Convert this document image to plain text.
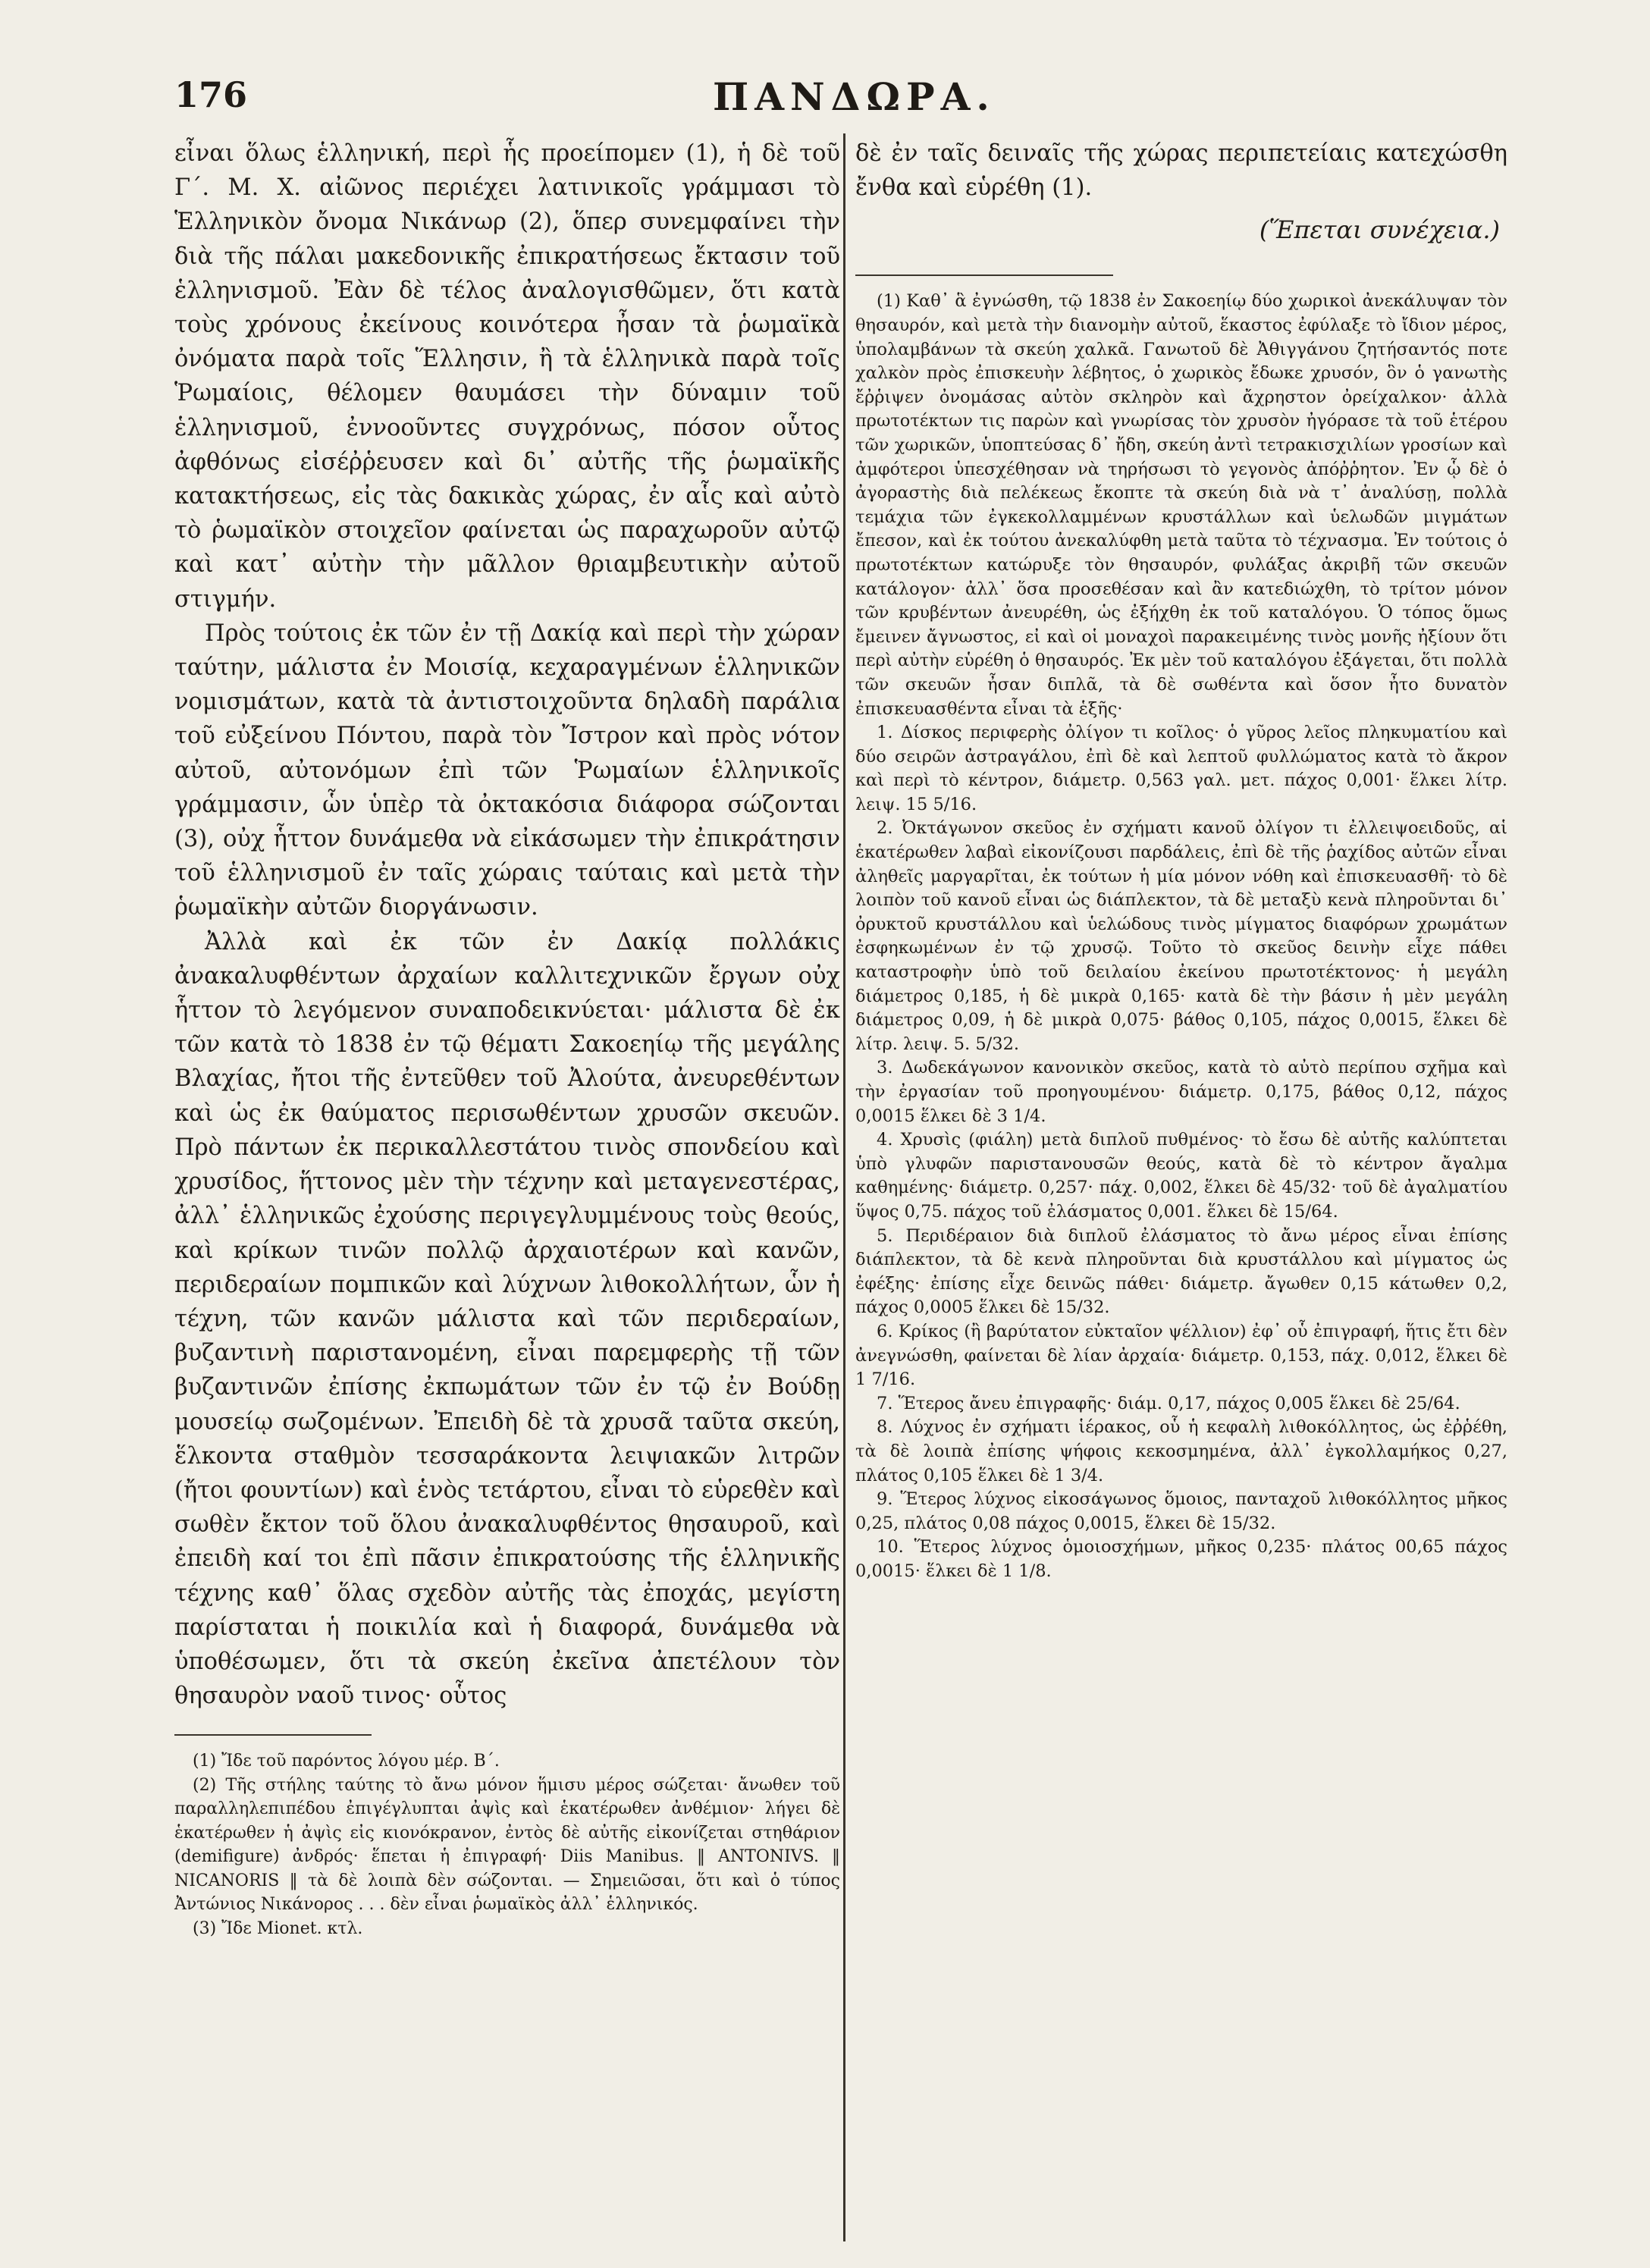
176	ΠΑΝΔΩΡΑ.

εἶναι ὅλως ἑλληνική, περὶ ἧς προείπομεν (1), ἡ δὲ τοῦ Γ΄. Μ. Χ. αἰῶνος περιέχει λατινικοῖς γράμμασι τὸ Ἑλληνικὸν ὄνομα Νικάνωρ (2), ὅπερ συνεμφαίνει τὴν διὰ τῆς πάλαι μακεδονικῆς ἐπικρατήσεως ἔκτασιν τοῦ ἑλληνισμοῦ. Ἐὰν δὲ τέλος ἀναλογισθῶμεν, ὅτι κατὰ τοὺς χρόνους ἐκείνους κοινότερα ἦσαν τὰ ῥωμαϊκὰ ὀνόματα παρὰ τοῖς Ἕλλησιν, ἢ τὰ ἑλληνικὰ παρὰ τοῖς Ῥωμαίοις, θέλομεν θαυμάσει τὴν δύναμιν τοῦ ἑλληνισμοῦ, ἐννοοῦντες συγχρόνως, πόσον οὗτος ἀφθόνως εἰσέῤῥευσεν καὶ δι᾽ αὐτῆς τῆς ῥωμαϊκῆς κατακτήσεως, εἰς τὰς δακικὰς χώρας, ἐν αἷς καὶ αὐτὸ τὸ ῥωμαϊκὸν στοιχεῖον φαίνεται ὡς παραχωροῦν αὐτῷ καὶ κατ᾽ αὐτὴν τὴν μᾶλλον θριαμβευτικὴν αὐτοῦ στιγμήν.

Πρὸς τούτοις ἐκ τῶν ἐν τῇ Δακίᾳ καὶ περὶ τὴν χώραν ταύτην, μάλιστα ἐν Μοισίᾳ, κεχαραγμένων ἑλληνικῶν νομισμάτων, κατὰ τὰ ἀντιστοιχοῦντα δηλαδὴ παράλια τοῦ εὐξείνου Πόντου, παρὰ τὸν Ἴστρον καὶ πρὸς νότον αὐτοῦ, αὐτονόμων ἐπὶ τῶν Ῥωμαίων ἑλληνικοῖς γράμμασιν, ὧν ὑπὲρ τὰ ὀκτακόσια διάφορα σώζονται (3), οὐχ ἧττον δυνάμεθα νὰ εἰκάσωμεν τὴν ἐπικράτησιν τοῦ ἑλληνισμοῦ ἐν ταῖς χώραις ταύταις καὶ μετὰ τὴν ῥωμαϊκὴν αὐτῶν διοργάνωσιν.

Ἀλλὰ καὶ ἐκ τῶν ἐν Δακίᾳ πολλάκις ἀνακαλυφθέντων ἀρχαίων καλλιτεχνικῶν ἔργων οὐχ ἧττον τὸ λεγόμενον συναποδεικνύεται· μάλιστα δὲ ἐκ τῶν κατὰ τὸ 1838 ἐν τῷ θέματι Σακοεηίῳ τῆς μεγάλης Βλαχίας, ἤτοι τῆς ἐντεῦθεν τοῦ Ἀλούτα, ἀνευρεθέντων καὶ ὡς ἐκ θαύματος περισωθέντων χρυσῶν σκευῶν. Πρὸ πάντων ἐκ περικαλλεστάτου τινὸς σπονδείου καὶ χρυσίδος, ἥττονος μὲν τὴν τέχνην καὶ μεταγενεστέρας, ἀλλ᾽ ἑλληνικῶς ἐχούσης περιγεγλυμμένους τοὺς θεούς, καὶ κρίκων τινῶν πολλῷ ἀρχαιοτέρων καὶ κανῶν, περιδεραίων πομπικῶν καὶ λύχνων λιθοκολλήτων, ὧν ἡ τέχνη, τῶν κανῶν μάλιστα καὶ τῶν περιδεραίων, βυζαντινὴ παριστανομένη, εἶναι παρεμφερὴς τῇ τῶν βυζαντινῶν ἐπίσης ἐκπωμάτων τῶν ἐν τῷ ἐν Βούδῃ μουσείῳ σωζομένων. Ἐπειδὴ δὲ τὰ χρυσᾶ ταῦτα σκεύη, ἕλκοντα σταθμὸν τεσσαράκοντα λειψιακῶν λιτρῶν (ἤτοι φουντίων) καὶ ἑνὸς τετάρτου, εἶναι τὸ εὑρεθὲν καὶ σωθὲν ἔκτον τοῦ ὅλου ἀνακαλυφθέντος θησαυροῦ, καὶ ἐπειδὴ καί τοι ἐπὶ πᾶσιν ἐπικρατούσης τῆς ἑλληνικῆς τέχνης καθ᾽ ὅλας σχεδὸν αὐτῆς τὰς ἐποχάς, μεγίστη παρίσταται ἡ ποικιλία καὶ ἡ διαφορά, δυνάμεθα νὰ ὑποθέσωμεν, ὅτι τὰ σκεύη ἐκεῖνα ἀπετέλουν τὸν θησαυρὸν ναοῦ τινος· οὗτος

(1) Ἴδε τοῦ παρόντος λόγου μέρ. Β΄.

(2) Τῆς στήλης ταύτης τὸ ἄνω μόνον ἥμισυ μέρος σώζεται· ἄνωθεν τοῦ παραλληλεπιπέδου ἐπιγέγλυπται ἀψὶς καὶ ἑκατέρωθεν ἀνθέμιον· λήγει δὲ ἑκατέρωθεν ἡ ἀψὶς εἰς κιονόκρανον, ἐντὸς δὲ αὐτῆς εἰκονίζεται στηθάριον (demifigure) ἀνδρός· ἕπεται ἡ ἐπιγραφή· Diis Manibus. ‖ ANTONIVS. ‖ NICANORIS ‖ τὰ δὲ λοιπὰ δὲν σώζονται. — Σημειῶσαι, ὅτι καὶ ὁ τύπος Ἀντώνιος Νικάνορος . . . δὲν εἶναι ῥωμαϊκὸς ἀλλ᾽ ἑλληνικός.

(3) Ἴδε Mionet. κτλ.

δὲ ἐν ταῖς δειναῖς τῆς χώρας περιπετείαις κατεχώσθη ἔνθα καὶ εὑρέθη (1).

(Ἕπεται συνέχεια.)

(1) Καθ᾽ ἃ ἐγνώσθη, τῷ 1838 ἐν Σακοεηίῳ δύο χωρικοὶ ἀνεκάλυψαν τὸν θησαυρόν, καὶ μετὰ τὴν διανομὴν αὐτοῦ, ἕκαστος ἐφύλαξε τὸ ἴδιον μέρος, ὑπολαμβάνων τὰ σκεύη χαλκᾶ. Γανωτοῦ δὲ Ἀθιγγάνου ζητήσαντός ποτε χαλκὸν πρὸς ἐπισκευὴν λέβητος, ὁ χωρικὸς ἔδωκε χρυσόν, ὃν ὁ γανωτὴς ἔῤῥιψεν ὀνομάσας αὐτὸν σκληρὸν καὶ ἄχρηστον ὀρείχαλκον· ἀλλὰ πρωτοτέκτων τις παρὼν καὶ γνωρίσας τὸν χρυσὸν ἠγόρασε τὰ τοῦ ἑτέρου τῶν χωρικῶν, ὑποπτεύσας δ᾽ ἤδη, σκεύη ἀντὶ τετρακισχιλίων γροσίων καὶ ἀμφότεροι ὑπεσχέθησαν νὰ τηρήσωσι τὸ γεγονὸς ἀπόῤῥητον. Ἐν ᾧ δὲ ὁ ἀγοραστὴς διὰ πελέκεως ἔκοπτε τὰ σκεύη διὰ νὰ τ᾽ ἀναλύσῃ, πολλὰ τεμάχια τῶν ἐγκεκολλαμμένων κρυστάλλων καὶ ὑελωδῶν μιγμάτων ἔπεσον, καὶ ἐκ τούτου ἀνεκαλύφθη μετὰ ταῦτα τὸ τέχνασμα. Ἐν τούτοις ὁ πρωτοτέκτων κατώρυξε τὸν θησαυρόν, φυλάξας ἀκριβῆ τῶν σκευῶν κατάλογον· ἀλλ᾽ ὅσα προσεθέσαν καὶ ἂν κατεδιώχθη, τὸ τρίτον μόνον τῶν κρυβέντων ἀνευρέθη, ὡς ἐξήχθη ἐκ τοῦ καταλόγου. Ὁ τόπος ὅμως ἔμεινεν ἄγνωστος, εἰ καὶ οἱ μοναχοὶ παρακειμένης τινὸς μονῆς ἠξίουν ὅτι περὶ αὐτὴν εὑρέθη ὁ θησαυρός. Ἐκ μὲν τοῦ καταλόγου ἐξάγεται, ὅτι πολλὰ τῶν σκευῶν ἦσαν διπλᾶ, τὰ δὲ σωθέντα καὶ ὅσον ἦτο δυνατὸν ἐπισκευασθέντα εἶναι τὰ ἑξῆς·

1. Δίσκος περιφερὴς ὀλίγον τι κοῖλος· ὁ γῦρος λεῖος πληκυματίου καὶ δύο σειρῶν ἀστραγάλου, ἐπὶ δὲ καὶ λεπτοῦ φυλλώματος κατὰ τὸ ἄκρον καὶ περὶ τὸ κέντρον, διάμετρ. 0,563 γαλ. μετ. πάχος 0,001· ἕλκει λίτρ. λειψ. 15 5/16.

2. Ὀκτάγωνον σκεῦος ἐν σχήματι κανοῦ ὀλίγον τι ἐλλειψοειδοῦς, αἱ ἑκατέρωθεν λαβαὶ εἰκονίζουσι παρδάλεις, ἐπὶ δὲ τῆς ῥαχίδος αὐτῶν εἶναι ἀληθεῖς μαργαρῖται, ἐκ τούτων ἡ μία μόνον νόθη καὶ ἐπισκευασθῆ· τὸ δὲ λοιπὸν τοῦ κανοῦ εἶναι ὡς διάπλεκτον, τὰ δὲ μεταξὺ κενὰ πληροῦνται δι᾽ ὀρυκτοῦ κρυστάλλου καὶ ὑελώδους τινὸς μίγματος διαφόρων χρωμάτων ἐσφηκωμένων ἐν τῷ χρυσῷ. Τοῦτο τὸ σκεῦος δεινὴν εἶχε πάθει καταστροφὴν ὑπὸ τοῦ δειλαίου ἐκείνου πρωτοτέκτονος· ἡ μεγάλη διάμετρος 0,185, ἡ δὲ μικρὰ 0,165· κατὰ δὲ τὴν βάσιν ἡ μὲν μεγάλη διάμετρος 0,09, ἡ δὲ μικρὰ 0,075· βάθος 0,105, πάχος 0,0015, ἕλκει δὲ λίτρ. λειψ. 5. 5/32.

3. Δωδεκάγωνον κανονικὸν σκεῦος, κατὰ τὸ αὐτὸ περίπου σχῆμα καὶ τὴν ἐργασίαν τοῦ προηγουμένου· διάμετρ. 0,175, βάθος 0,12, πάχος 0,0015 ἕλκει δὲ 3 1/4.

4. Χρυσὶς (φιάλη) μετὰ διπλοῦ πυθμένος· τὸ ἔσω δὲ αὐτῆς καλύπτεται ὑπὸ γλυφῶν παριστανουσῶν θεούς, κατὰ δὲ τὸ κέντρον ἄγαλμα καθημένης· διάμετρ. 0,257· πάχ. 0,002, ἕλκει δὲ 45/32· τοῦ δὲ ἀγαλματίου ὕψος 0,75. πάχος τοῦ ἐλάσματος 0,001. ἕλκει δὲ 15/64.

5. Περιδέραιον διὰ διπλοῦ ἐλάσματος τὸ ἄνω μέρος εἶναι ἐπίσης διάπλεκτον, τὰ δὲ κενὰ πληροῦνται διὰ κρυστάλλου καὶ μίγματος ὡς ἐφέξης· ἐπίσης εἶχε δεινῶς πάθει· διάμετρ. ἄγωθεν 0,15 κάτωθεν 0,2, πάχος 0,0005 ἕλκει δὲ 15/32.

6. Κρίκος (ἢ βαρύτατον εὐκταῖον ψέλλιον) ἐφ᾽ οὗ ἐπιγραφή, ἥτις ἔτι δὲν ἀνεγνώσθη, φαίνεται δὲ λίαν ἀρχαία· διάμετρ. 0,153, πάχ. 0,012, ἕλκει δὲ 1 7/16.

7. Ἕτερος ἄνευ ἐπιγραφῆς· διάμ. 0,17, πάχος 0,005 ἕλκει δὲ 25/64.

8. Λύχνος ἐν σχήματι ἱέρακος, οὗ ἡ κεφαλὴ λιθοκόλλητος, ὡς ἐῤῥέθη, τὰ δὲ λοιπὰ ἐπίσης ψήφοις κεκοσμημένα, ἀλλ᾽ ἐγκολλαμήκος 0,27, πλάτος 0,105 ἕλκει δὲ 1 3/4.

9. Ἕτερος λύχνος εἰκοσάγωνος ὅμοιος, πανταχοῦ λιθοκόλλητος μῆκος 0,25, πλάτος 0,08 πάχος 0,0015, ἕλκει δὲ 15/32.

10. Ἕτερος λύχνος ὁμοιοσχήμων, μῆκος 0,235· πλάτος 00,65 πάχος 0,0015· ἕλκει δὲ 1 1/8.
